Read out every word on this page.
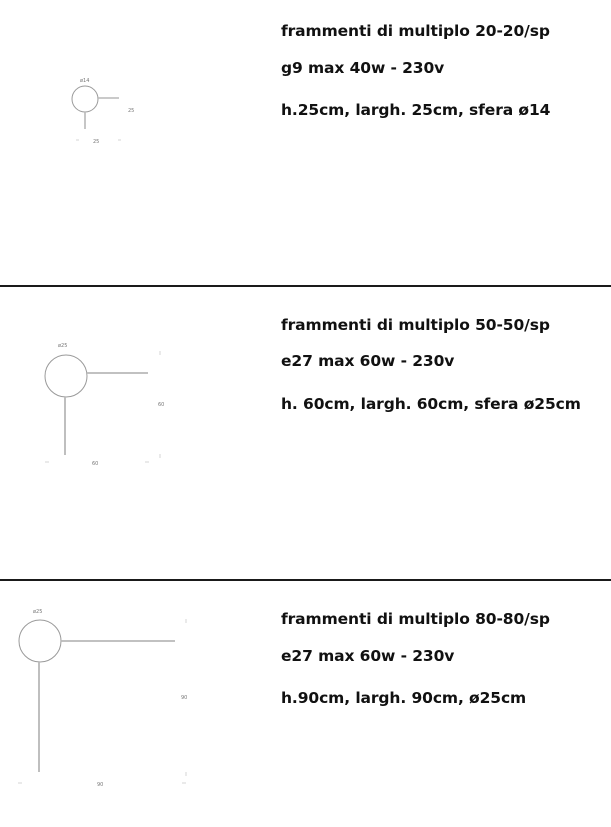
ø14
25
25
frammenti di multiplo 20-20/sp
g9 max 40w - 230v
h.25cm, largh. 25cm, sfera ø14
ø25
60
60
frammenti di multiplo 50-50/sp
e27 max 60w - 230v
h. 60cm, largh. 60cm, sfera ø25cm
ø25
90
90
frammenti di multiplo 80-80/sp
e27 max 60w - 230v
h.90cm, largh. 90cm, ø25cm
